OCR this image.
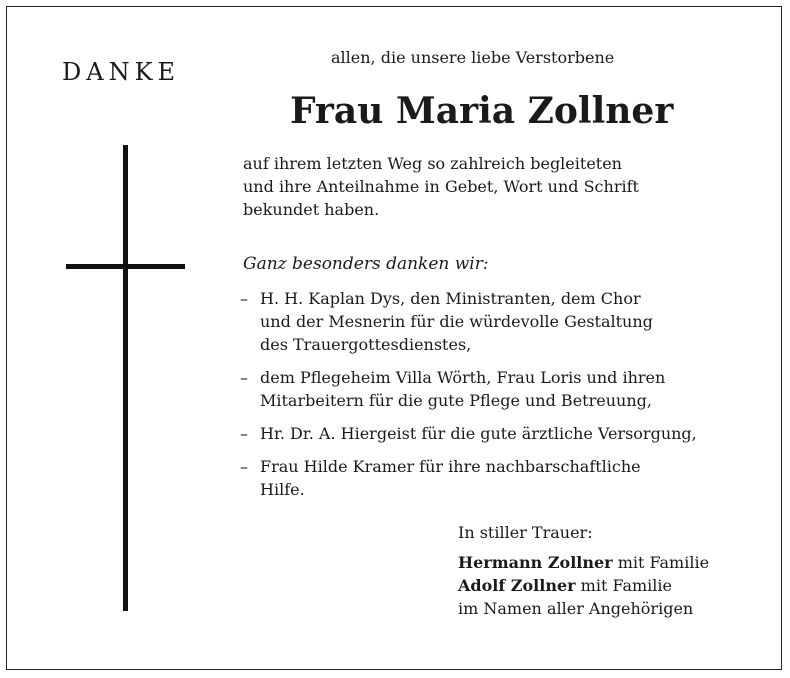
DANKE
allen, die unsere liebe Verstorbene
Frau Maria Zollner
auf ihrem letzten Weg so zahlreich begleiteten
und ihre Anteilnahme in Gebet, Wort und Schrift
bekundet haben.
Ganz besonders danken wir:
– H. H. Kaplan Dys, den Ministranten, dem Chor
und der Mesnerin für die würdevolle Gestaltung
des Trauergottesdienstes,
– dem Pflegeheim Villa Wörth, Frau Loris und ihren
Mitarbeitern für die gute Pflege und Betreuung,
– Hr. Dr. A. Hiergeist für die gute ärztliche Versorgung,
– Frau Hilde Kramer für ihre nachbarschaftliche
Hilfe.
In stiller Trauer:
Hermann Zollner mit Familie
Adolf Zollner mit Familie
im Namen aller Angehörigen
